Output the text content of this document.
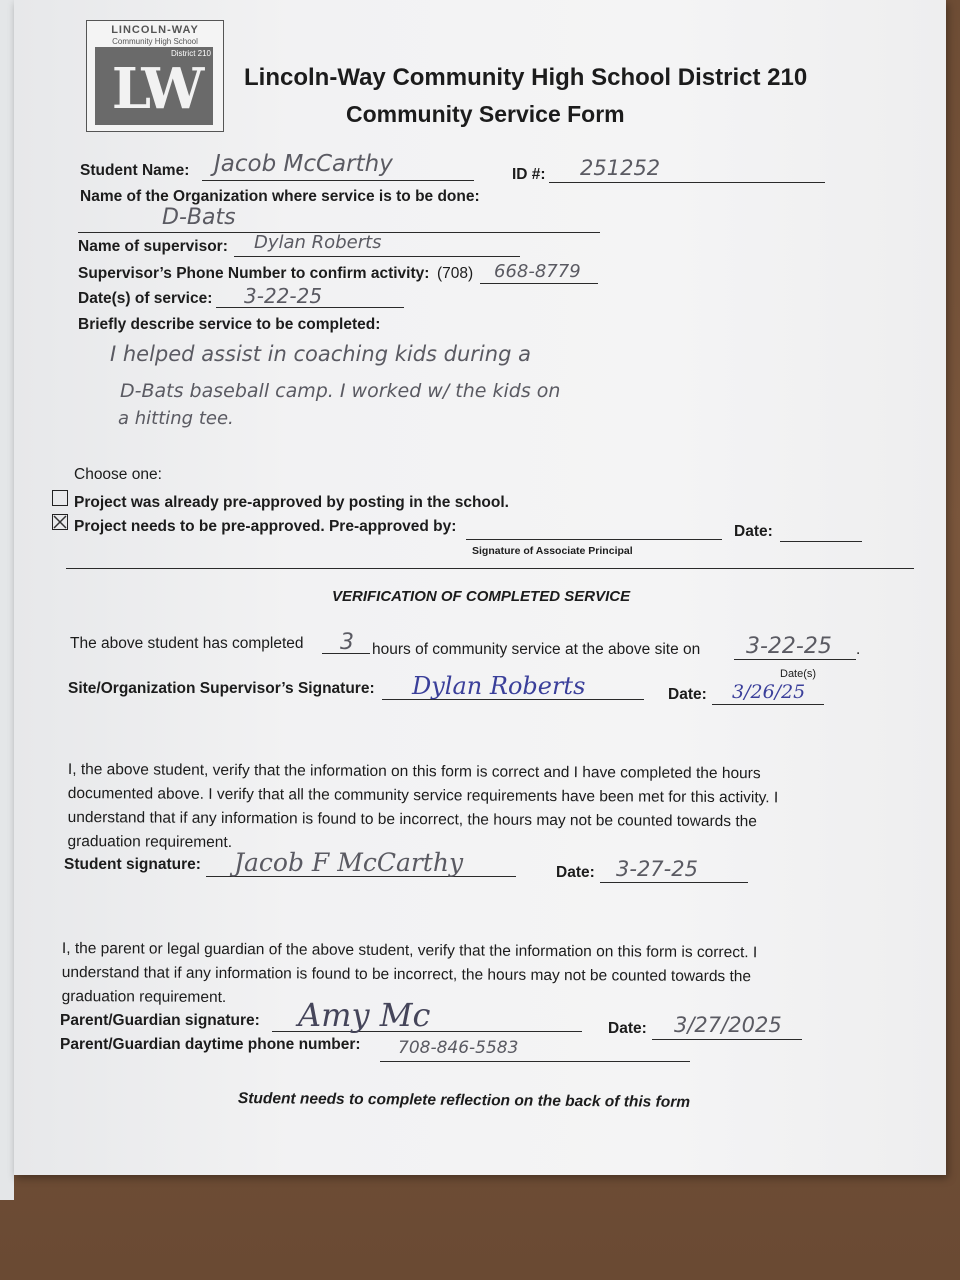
LINCOLN-WAY
Community High School
District 210
LW	Lincoln-Way Community High School District 210
Community Service Form
Student Name: Jacob McCarthy	ID #: 251252
Name of the Organization where service is to be done:
D-Bats
Name of supervisor: Dylan Roberts
Supervisor’s Phone Number to confirm activity: (708) 668-8779
Date(s) of service: 3-22-25
Briefly describe service to be completed:
I helped assist in coaching kids during a
D-Bats baseball camp. I worked w/ the kids on
a hitting tee.
Choose one:
Project was already pre-approved by posting in the school.
Project needs to be pre-approved. Pre-approved by:	Date:
Signature of Associate Principal
VERIFICATION OF COMPLETED SERVICE
The above student has completed 3 hours of community service at the above site on 3-22-25 .
Date(s)
Site/Organization Supervisor’s Signature: Dylan Roberts	Date: 3/26/25
I, the above student, verify that the information on this form is correct and I have completed the hours
documented above. I verify that all the community service requirements have been met for this activity. I
understand that if any information is found to be incorrect, the hours may not be counted towards the
graduation requirement.
Student signature: Jacob F McCarthy	Date: 3-27-25
I, the parent or legal guardian of the above student, verify that the information on this form is correct. I
understand that if any information is found to be incorrect, the hours may not be counted towards the
graduation requirement.
Parent/Guardian signature: Amy Mc	Date: 3/27/2025
Parent/Guardian daytime phone number: 708-846-5583
Student needs to complete reflection on the back of this form
